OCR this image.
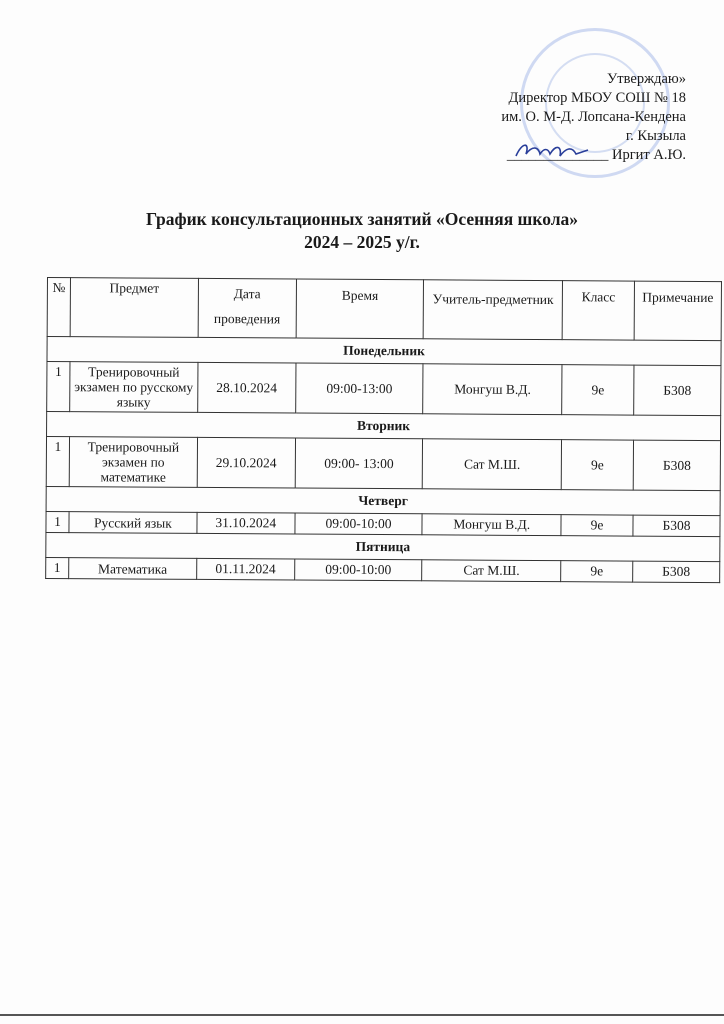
Утверждаю»
Директор МБОУ СОШ № 18
им. О. М-Д. Лопсана-Кендена
г. Кызыла
______________ Иргит А.Ю.
График консультационных занятий «Осенняя школа»
2024 – 2025 у/г.
№	Предмет	Дата проведения	Время	Учитель-предметник	Класс	Примечание
Понедельник						
1	Тренировочный экзамен по русскому языку	28.10.2024	09:00-13:00	Монгуш В.Д.	9е	Б308
Вторник						
1	Тренировочный экзамен по математике	29.10.2024	09:00- 13:00	Сат М.Ш.	9е	Б308
Четверг						
1	Русский язык	31.10.2024	09:00-10:00	Монгуш В.Д.	9е	Б308
Пятница						
1	Математика	01.11.2024	09:00-10:00	Сат М.Ш.	9е	Б308
